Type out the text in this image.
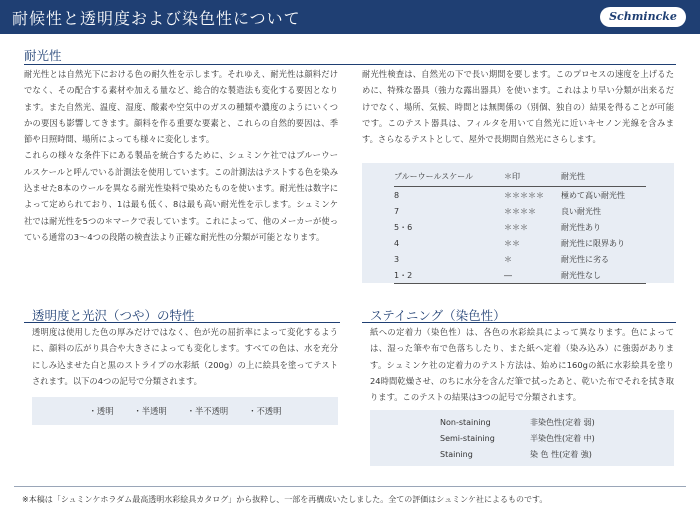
耐候性と透明度および染色性について	Schmincke
耐光性

耐光性とは自然光下における色の耐久性を示します。それゆえ、耐光性は顔料だけでなく、その配合する素材や加える量など、総合的な製造法も変化する要因となります。また自然光、温度、湿度、酸素や空気中のガスの種類や濃度のようにいくつかの要因も影響してきます。顔料を作る重要な要素と、これらの自然的要因は、季節や日照時間、場所によっても様々に変化します。

これらの様々な条件下にある製品を統合するために、シュミンケ社ではブルーウールスケールと呼んでいる計測法を使用しています。この計測法はテストする色を染み込ませた8本のウールを異なる耐光性染料で染めたものを使います。耐光性は数字によって定められており、1は最も低く、8は最も高い耐光性を示します。シュミンケ社では耐光性を5つの＊マークで表しています。これによって、他のメーカーが使っている通常の3〜4つの段階の検査法より正確な耐光性の分類が可能となります。

耐光性検査は、自然光の下で長い期間を要します。このプロセスの速度を上げるために、特殊な器具（強力な露出器具）を使います。これはより早い分類が出来るだけでなく、場所、気候、時間とは無関係の（別個、独自の）結果を得ることが可能です。このテスト器具は、フィルタを用いて自然光に近いキセノン光線を含みます。さらなるテストとして、屋外で長期間自然光にさらします。

ブルーウールスケール	＊印	耐光性
8	＊＊＊＊＊	極めて高い耐光性
7	＊＊＊＊	良い耐光性
5・6	＊＊＊	耐光性あり
4	＊＊	耐光性に限界あり
3	＊	耐光性に劣る
1・2	―	耐光性なし
透明度と光沢（つや）の特性

透明度は使用した色の厚みだけではなく、色が光の屈折率によって変化するように、顔料の広がり具合や大きさによっても変化します。すべての色は、水を充分にしみ込ませた白と黒のストライプの水彩紙（200g）の上に絵具を塗ってテストされます。以下の4つの記号で分類されます。

・透明 ・半透明 ・半不透明 ・不透明
ステイニング（染色性）

紙への定着力（染色性）は、各色の水彩絵具によって異なります。色によっては、湿った筆や布で色落ちしたり、また紙へ定着（染み込み）に強弱があります。シュミンケ社の定着力のテスト方法は、始めに160gの紙に水彩絵具を塗り24時間乾燥させ、のちに水分を含んだ筆で拭ったあと、乾いた布でそれを拭き取ります。このテストの結果は3つの記号で分類されます。

Non-staining	非染色性(定着 弱)
Semi-staining	半染色性(定着 中)
Staining	染 色 性(定着 強)
※本稿は「シュミンケホラダム最高透明水彩絵具カタログ」から抜粋し、一部を再構成いたしました。全ての評価はシュミンケ社によるものです。
